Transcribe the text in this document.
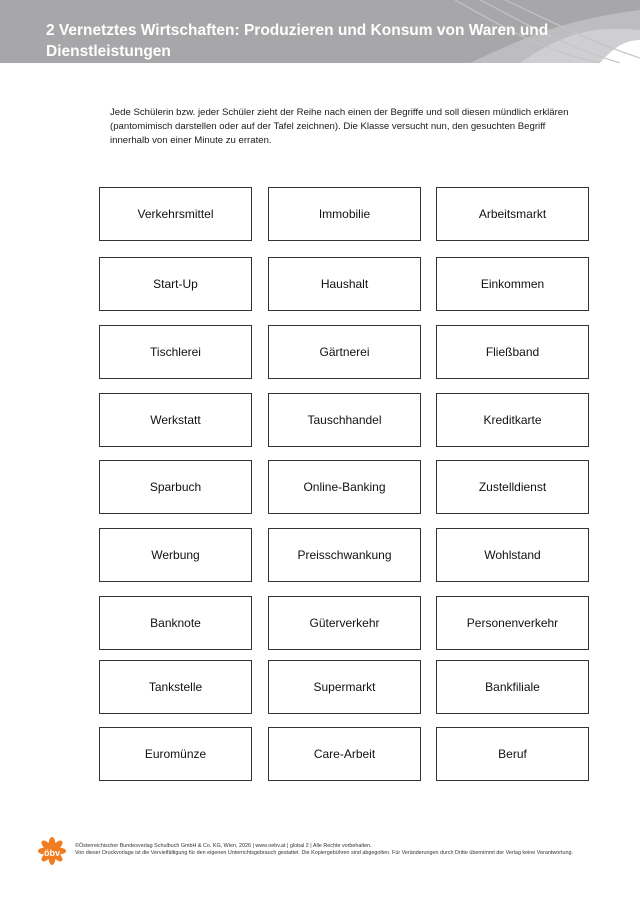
2 Vernetztes Wirtschaften: Produzieren und Konsum von Waren und Dienstleistungen
Jede Schülerin bzw. jeder Schüler zieht der Reihe nach einen der Begriffe und soll diesen mündlich erklären (pantomimisch darstellen oder auf der Tafel zeichnen). Die Klasse versucht nun, den gesuchten Begriff innerhalb von einer Minute zu erraten.
Verkehrsmittel	Immobilie	Arbeitsmarkt
Start-Up	Haushalt	Einkommen
Tischlerei	Gärtnerei	Fließband
Werkstatt	Tauschhandel	Kreditkarte
Sparbuch	Online-Banking	Zustelldienst
Werbung	Preisschwankung	Wohlstand
Banknote	Güterverkehr	Personenverkehr
Tankstelle	Supermarkt	Bankfiliale
Euromünze	Care-Arbeit	Beruf
öbv
©Österreichischer Bundesverlag Schulbuch GmbH & Co. KG, Wien, 2026 | www.oebv.at | global 2 | Alle Rechte vorbehalten.
Von dieser Druckvorlage ist die Vervielfältigung für den eigenen Unterrichtsgebrauch gestattet. Die Kopiergebühren sind abgegolten. Für Veränderungen durch Dritte übernimmt der Verlag keine Verantwortung.
